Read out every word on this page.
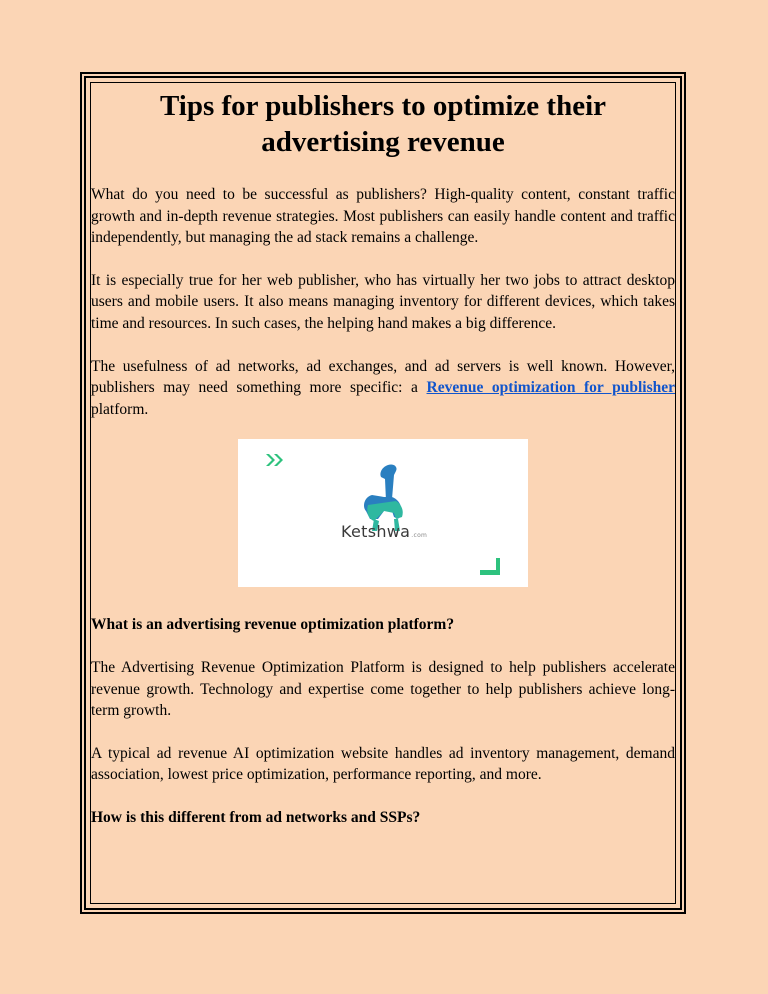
Tips for publishers to optimize their advertising revenue

What do you need to be successful as publishers? High-quality content, constant traffic growth and in-depth revenue strategies. Most publishers can easily handle content and traffic independently, but managing the ad stack remains a challenge.

It is especially true for her web publisher, who has virtually her two jobs to attract desktop users and mobile users. It also means managing inventory for different devices, which takes time and resources. In such cases, the helping hand makes a big difference.

The usefulness of ad networks, ad exchanges, and ad servers is well known. However, publishers may need something more specific: a Revenue optimization for publisher platform.

Ketshwa.com

What is an advertising revenue optimization platform?

The Advertising Revenue Optimization Platform is designed to help publishers accelerate revenue growth. Technology and expertise come together to help publishers achieve long-term growth.

A typical ad revenue AI optimization website handles ad inventory management, demand association, lowest price optimization, performance reporting, and more.

How is this different from ad networks and SSPs?
